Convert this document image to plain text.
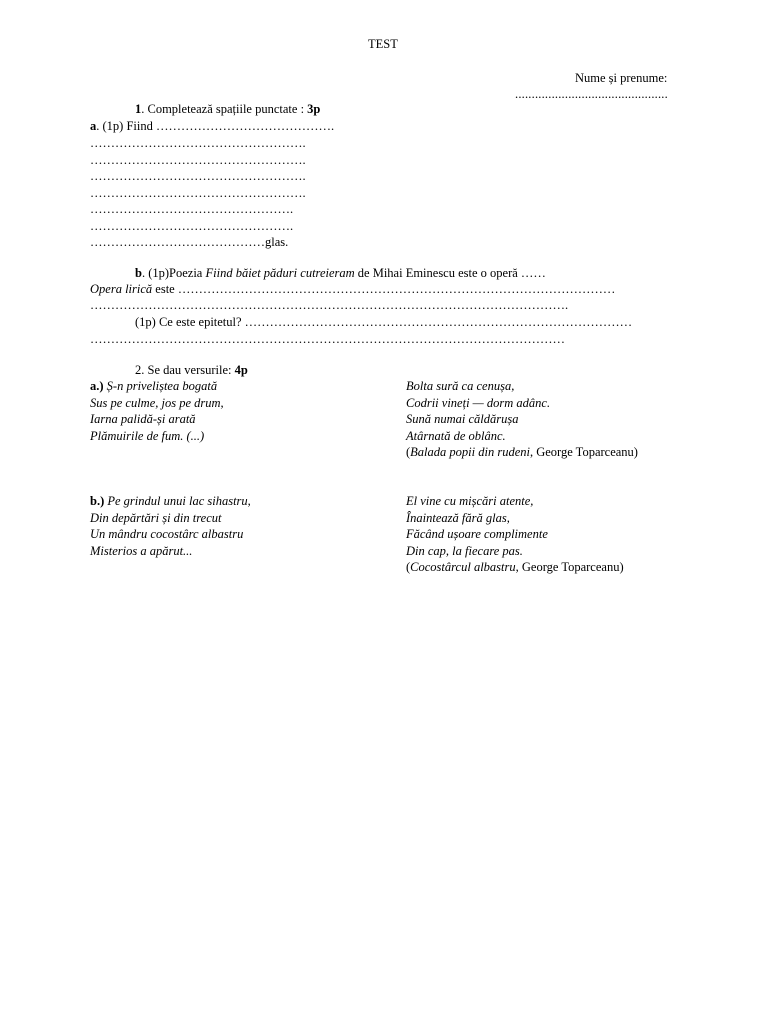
TEST
Nume și prenume:
..............................................
1. Completează spațiile punctate : 3p
a. (1p) Fiind …………………………………….
…………………………………………….
…………………………………………….
…………………………………………….
…………………………………………….
………………………………………….
………………………………………….
……………………………………glas.
b. (1p)Poezia Fiind băiet păduri cutreieram de Mihai Eminescu este o operă ……
Opera lirică este ……………………………………………………………………………………………
…………………………………………………………………………………………………….
(1p) Ce este epitetul? …………………………………………………………………………………
……………………………………………………………………………………………………
2. Se dau versurile: 4p
a.) Ș-n priveliștea bogată
Sus pe culme, jos pe drum,
Iarna palidă-și arată
Plămuirile de fum. (...)
Bolta sură ca cenușa,
Codrii vineți — dorm adânc.
Sună numai căldărușa
Atârnată de oblânc.
(Balada popii din rudeni, George Toparceanu)
b.) Pe grindul unui lac sihastru,
Din depărtări și din trecut
Un mândru cocostârc albastru
Misterios a apărut...
El vine cu mișcări atente,
Înaintează fără glas,
Făcând ușoare complimente
Din cap, la fiecare pas.
(Cocostârcul albastru, George Toparceanu)
